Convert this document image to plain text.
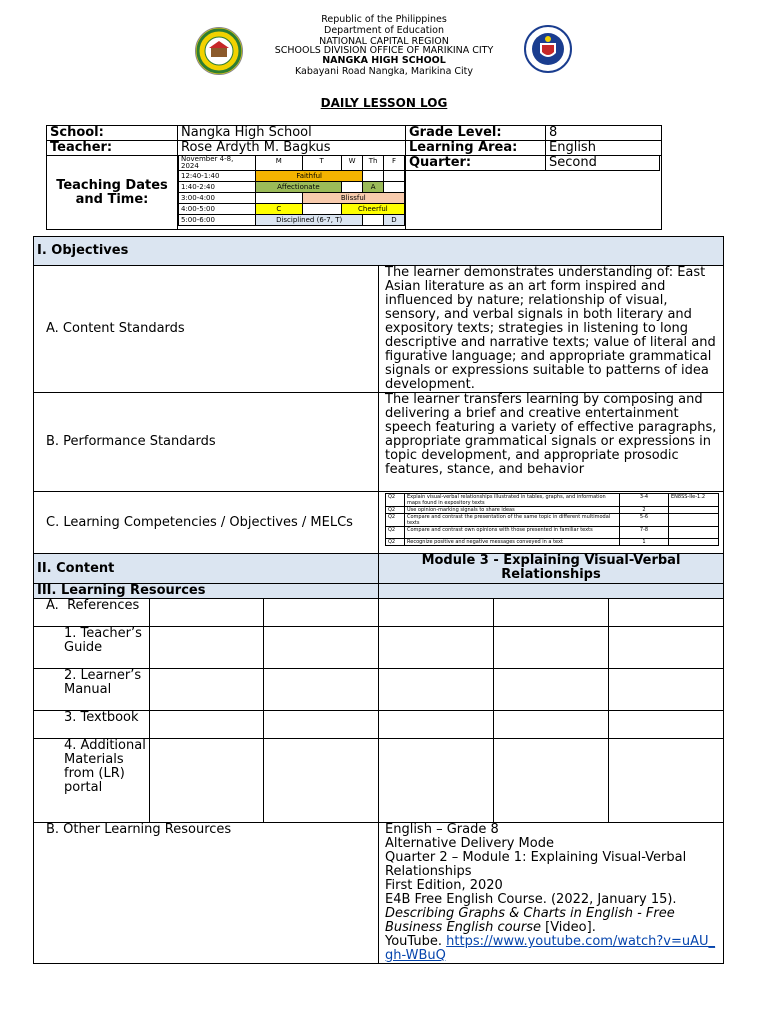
Republic of the Philippines
Department of Education
NATIONAL CAPITAL REGION
SCHOOLS DIVISION OFFICE OF MARIKINA CITY
NANGKA HIGH SCHOOL
Kabayani Road Nangka, Marikina City
DAILY LESSON LOG
School:	Nangka High School	Grade Level:	8
Teacher:	Rose Ardyth M. Bagkus	Learning Area:	English
Teaching Dates and Time:	
November 4-8, 2024	M	T	W	Th	F
12:40-1:40	Faithful		
1:40-2:40	Affectionate		A	
3:00-4:00		Blissful
4:00-5:00	C		Cheerful
5:00-6:00	Disciplined (6-7, T)		D

Quarter:	Second
I. Objectives
A. Content Standards	The learner demonstrates understanding of: East Asian literature as an art form inspired and influenced by nature; relationship of visual, sensory, and verbal signals in both literary and expository texts; strategies in listening to long descriptive and narrative texts; value of literal and figurative language; and appropriate grammatical signals or expressions suitable to patterns of idea development.
B. Performance Standards	The learner transfers learning by composing and delivering a brief and creative entertainment speech featuring a variety of effective paragraphs, appropriate grammatical signals or expressions in topic development, and appropriate prosodic features, stance, and behavior
C. Learning Competencies / Objectives / MELCs	
Q2	Explain visual-verbal relationships illustrated in tables, graphs, and information maps found in expository texts	3-4	EN8SS-IIe-1.2
Q2	Use opinion-marking signals to share ideas	2	
Q2	Compare and contrast the presentation of the same topic in different multimodal texts	5-6	
Q2	Compare and contrast own opinions with those presented in familiar texts	7-8	
Q2	Recognize positive and negative messages conveyed in a text	1	

II. Content	Module 3 - Explaining Visual-Verbal Relationships
III. Learning Resources	
A.  References					
1. Teacher’s Guide					
2. Learner’s Manual					
3. Textbook					
4. Additional Materials from (LR) portal					
B. Other Learning Resources	English – Grade 8
Alternative Delivery Mode
Quarter 2 – Module 1: Explaining Visual-Verbal Relationships
First Edition, 2020
E4B Free English Course. (2022, January 15). Describing Graphs & Charts in English - Free Business English course [Video].
YouTube. https://www.youtube.com/watch?v=uAU_gh-WBuQ
